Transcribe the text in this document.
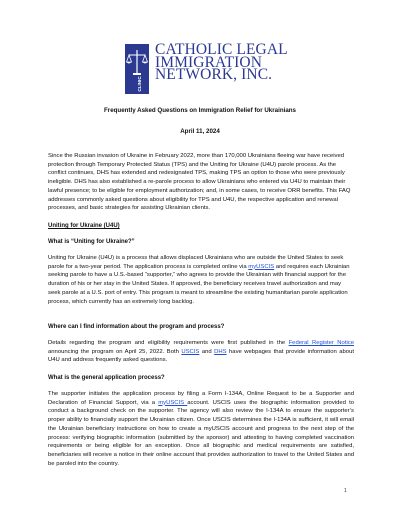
CLINIC
CATHOLIC LEGAL
IMMIGRATION
NETWORK, INC.
Frequently Asked Questions on Immigration Relief for Ukrainians
April 11, 2024

Since the Russian invasion of Ukraine in February 2022, more than 170,000 Ukrainians fleeing war have received protection through Temporary Protected Status (TPS) and the Uniting for Ukraine (U4U) parole process. As the conflict continues, DHS has extended and redesignated TPS, making TPS an option to those who were previously ineligible. DHS has also established a re-parole process to allow Ukrainians who entered via U4U to maintain their lawful presence; to be eligible for employment authorization; and, in some cases, to receive ORR benefits. This FAQ addresses commonly asked questions about eligibility for TPS and U4U, the respective application and renewal processes, and basic strategies for assisting Ukrainian clients.

Uniting for Ukraine (U4U)

What is “Uniting for Ukraine?”

Uniting for Ukraine (U4U) is a process that allows displaced Ukrainians who are outside the United States to seek parole for a two-year period. The application process is completed online via myUSCIS and requires each Ukrainian seeking parole to have a U.S.-based “supporter,” who agrees to provide the Ukrainian with financial support for the duration of his or her stay in the United States. If approved, the beneficiary receives travel authorization and may seek parole at a U.S. port of entry. This program is meant to streamline the existing humanitarian parole application process, which currently has an extremely long backlog.

Where can I find information about the program and process?

Details regarding the program and eligibility requirements were first published in the Federal Register Notice announcing the program on April 25, 2022. Both USCIS and DHS have webpages that provide information about U4U and address frequently asked questions.

What is the general application process?

The supporter initiates the application process by filing a Form I-134A, Online Request to be a Supporter and Declaration of Financial Support, via a myUSCIS account. USCIS uses the biographic information provided to conduct a background check on the supporter. The agency will also review the I-134A to ensure the supporter’s proper ability to financially support the Ukrainian citizen. Once USCIS determines the I-134A is sufficient, it will email the Ukrainian beneficiary instructions on how to create a myUSCIS account and progress to the next step of the process: verifying biographic information (submitted by the sponsor) and attesting to having completed vaccination requirements or being eligible for an exception. Once all biographic and medical requirements are satisfied, beneficiaries will receive a notice in their online account that provides authorization to travel to the United States and be paroled into the country.

1
